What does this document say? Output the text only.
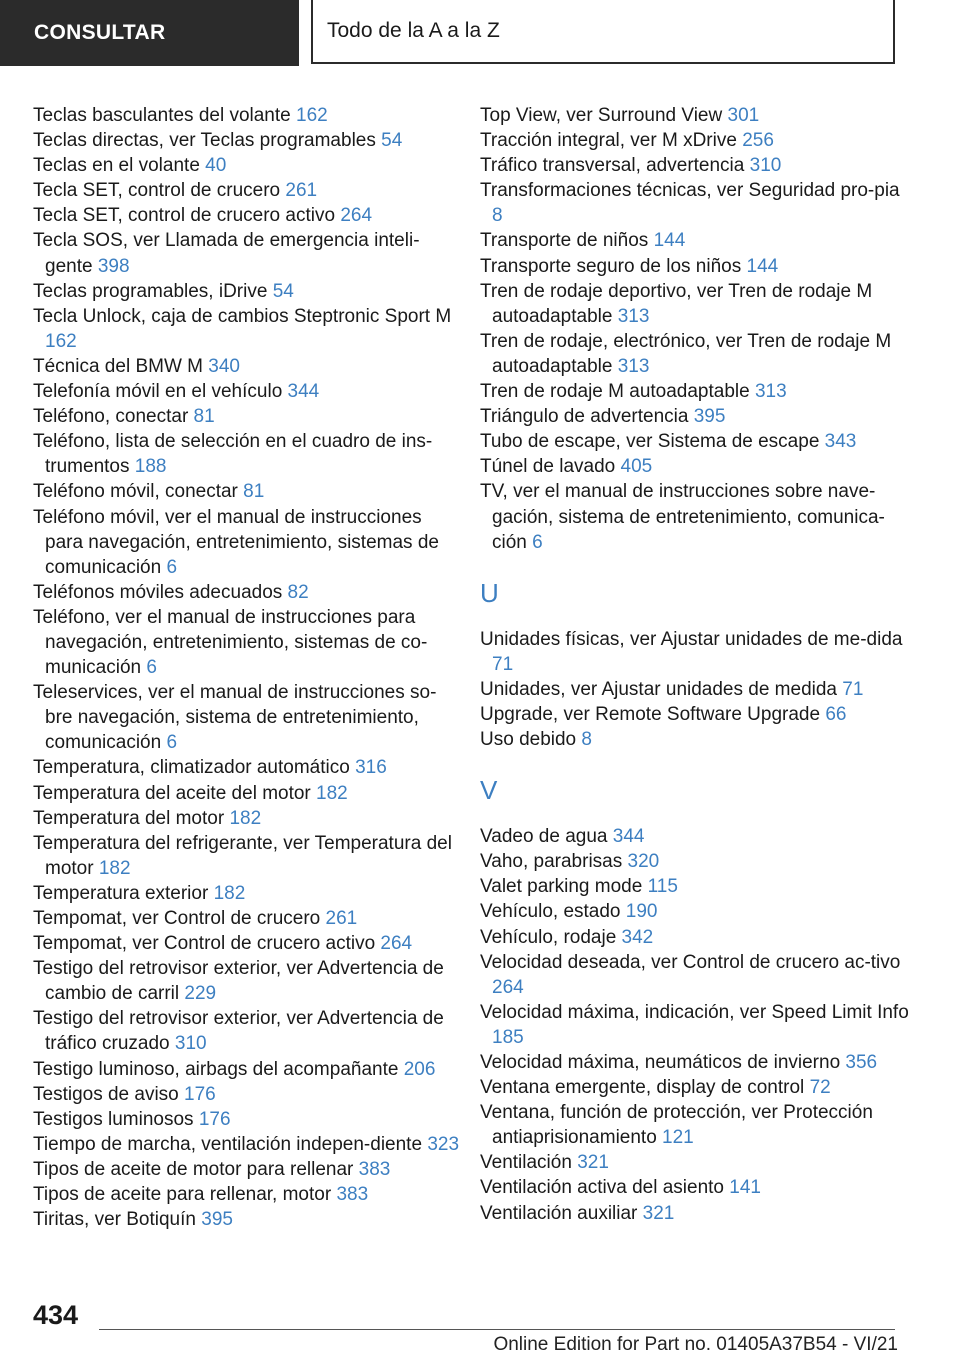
CONSULTAR	Todo de la A a la Z
Teclas basculantes del volante 162
Teclas directas, ver Teclas programables 54
Teclas en el volante 40
Tecla SET, control de crucero 261
Tecla SET, control de crucero activo 264
Tecla SOS, ver Llamada de emergencia inteli-gente 398
Teclas programables, iDrive 54
Tecla Unlock, caja de cambios Steptronic Sport M 162
Técnica del BMW M 340
Telefonía móvil en el vehículo 344
Teléfono, conectar 81
Teléfono, lista de selección en el cuadro de ins-trumentos 188
Teléfono móvil, conectar 81
Teléfono móvil, ver el manual de instrucciones para navegación, entretenimiento, sistemas de comunicación 6
Teléfonos móviles adecuados 82
Teléfono, ver el manual de instrucciones para navegación, entretenimiento, sistemas de co-municación 6
Teleservices, ver el manual de instrucciones so-bre navegación, sistema de entretenimiento, comunicación 6
Temperatura, climatizador automático 316
Temperatura del aceite del motor 182
Temperatura del motor 182
Temperatura del refrigerante, ver Temperatura del motor 182
Temperatura exterior 182
Tempomat, ver Control de crucero 261
Tempomat, ver Control de crucero activo 264
Testigo del retrovisor exterior, ver Advertencia de cambio de carril 229
Testigo del retrovisor exterior, ver Advertencia de tráfico cruzado 310
Testigo luminoso, airbags del acompañante 206
Testigos de aviso 176
Testigos luminosos 176
Tiempo de marcha, ventilación indepen-diente 323
Tipos de aceite de motor para rellenar 383
Tipos de aceite para rellenar, motor 383
Tiritas, ver Botiquín 395
Top View, ver Surround View 301
Tracción integral, ver M xDrive 256
Tráfico transversal, advertencia 310
Transformaciones técnicas, ver Seguridad pro-pia 8
Transporte de niños 144
Transporte seguro de los niños 144
Tren de rodaje deportivo, ver Tren de rodaje M autoadaptable 313
Tren de rodaje, electrónico, ver Tren de rodaje M autoadaptable 313
Tren de rodaje M autoadaptable 313
Triángulo de advertencia 395
Tubo de escape, ver Sistema de escape 343
Túnel de lavado 405
TV, ver el manual de instrucciones sobre nave-gación, sistema de entretenimiento, comunica-ción 6
U
Unidades físicas, ver Ajustar unidades de me-dida 71
Unidades, ver Ajustar unidades de medida 71
Upgrade, ver Remote Software Upgrade 66
Uso debido 8
V
Vadeo de agua 344
Vaho, parabrisas 320
Valet parking mode 115
Vehículo, estado 190
Vehículo, rodaje 342
Velocidad deseada, ver Control de crucero ac-tivo 264
Velocidad máxima, indicación, ver Speed Limit Info 185
Velocidad máxima, neumáticos de invierno 356
Ventana emergente, display de control 72
Ventana, función de protección, ver Protección antiaprisionamiento 121
Ventilación 321
Ventilación activa del asiento 141
Ventilación auxiliar 321
434
Online Edition for Part no. 01405A37B54 - VI/21
